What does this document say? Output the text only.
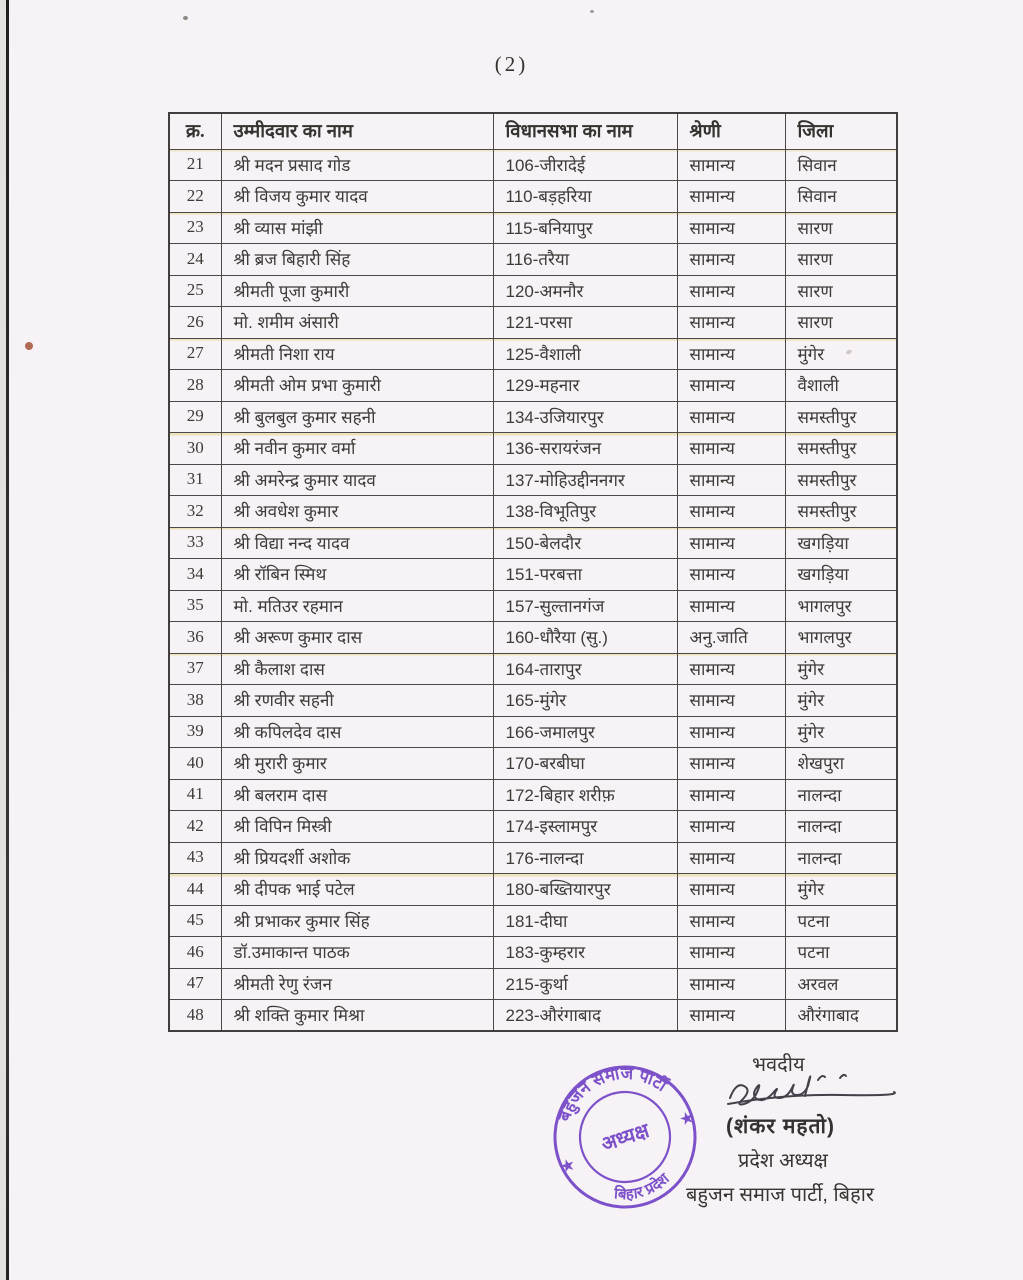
(2)
क्र.	उम्मीदवार का नाम	विधानसभा का नाम	श्रेणी	जिला
21	श्री मदन प्रसाद गोड	106-जीरादेई	सामान्य	सिवान
22	श्री विजय कुमार यादव	110-बड़हरिया	सामान्य	सिवान
23	श्री व्यास मांझी	115-बनियापुर	सामान्य	सारण
24	श्री ब्रज बिहारी सिंह	116-तरैया	सामान्य	सारण
25	श्रीमती पूजा कुमारी	120-अमनौर	सामान्य	सारण
26	मो. शमीम अंसारी	121-परसा	सामान्य	सारण
27	श्रीमती निशा राय	125-वैशाली	सामान्य	मुंगेर
28	श्रीमती ओम प्रभा कुमारी	129-महनार	सामान्य	वैशाली
29	श्री बुलबुल कुमार सहनी	134-उजियारपुर	सामान्य	समस्तीपुर
30	श्री नवीन कुमार वर्मा	136-सरायरंजन	सामान्य	समस्तीपुर
31	श्री अमरेन्द्र कुमार यादव	137-मोहिउद्दीननगर	सामान्य	समस्तीपुर
32	श्री अवधेश कुमार	138-विभूतिपुर	सामान्य	समस्तीपुर
33	श्री विद्या नन्द यादव	150-बेलदौर	सामान्य	खगड़िया
34	श्री रॉबिन स्मिथ	151-परबत्ता	सामान्य	खगड़िया
35	मो. मतिउर रहमान	157-सुल्तानगंज	सामान्य	भागलपुर
36	श्री अरूण कुमार दास	160-धौरैया (सु.)	अनु.जाति	भागलपुर
37	श्री कैलाश दास	164-तारापुर	सामान्य	मुंगेर
38	श्री रणवीर सहनी	165-मुंगेर	सामान्य	मुंगेर
39	श्री कपिलदेव दास	166-जमालपुर	सामान्य	मुंगेर
40	श्री मुरारी कुमार	170-बरबीघा	सामान्य	शेखपुरा
41	श्री बलराम दास	172-बिहार शरीफ़	सामान्य	नालन्दा
42	श्री विपिन मिस्त्री	174-इस्लामपुर	सामान्य	नालन्दा
43	श्री प्रियदर्शी अशोक	176-नालन्दा	सामान्य	नालन्दा
44	श्री दीपक भाई पटेल	180-बख्तियारपुर	सामान्य	मुंगेर
45	श्री प्रभाकर कुमार सिंह	181-दीघा	सामान्य	पटना
46	डॉ.उमाकान्त पाठक	183-कुम्हरार	सामान्य	पटना
47	श्रीमती रेणु रंजन	215-कुर्था	सामान्य	अरवल
48	श्री शक्ति कुमार मिश्रा	223-औरंगाबाद	सामान्य	औरंगाबाद
बहुजन समाज पार्टी
बिहार प्रदेश
अध्यक्ष
★
★
भवदीय
(शंकर महतो)
प्रदेश अध्यक्ष
बहुजन समाज पार्टी, बिहार
